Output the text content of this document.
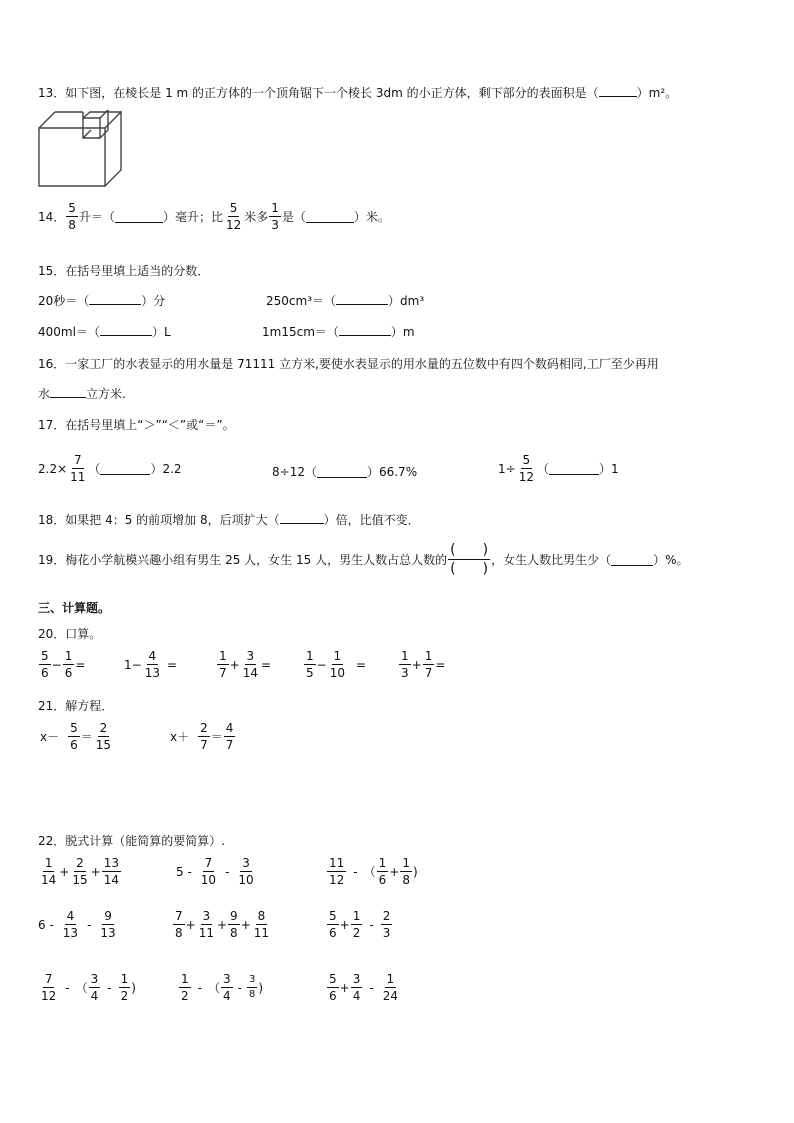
13．如下图，在棱长是 1 m 的正方体的一个顶角锯下一个棱长 3dm 的小正方体，剩下部分的表面积是（	）m²。
14． $\frac{5}{8}$ 升＝（	）毫升；比 $\frac{5}{12}$ 米多 $\frac{1}{3}$ 是（	）米。
15．在括号里填上适当的分数．
20秒＝（	）分	250cm³＝（	）dm³
400ml＝（	）L	1m15cm＝（	）m
16．一家工厂的水表显示的用水量是 71111 立方米,要使水表显示的用水量的五位数中有四个数码相同,工厂至少再用
水	立方米.
17．在括号里填上“＞”“＜”或“＝”。
$2.2\times \frac{7}{11}$ （	）2.2	8÷12（	）66.7%	$1\div \frac{5}{12}$ （	）1
18．如果把 4：5 的前项增加 8，后项扩大（	）倍，比值不变．
19．梅花小学航模兴趣小组有男生 25 人，女生 15 人，男生人数占总人数的 $\frac{( )}{( )}$ ，女生人数比男生少（	）%。
三、计算题。
20．口算。
$\frac{5}{6} - \frac{1}{6}$ =	$1- \frac{4}{13}$ =	$\frac{1}{7} + \frac{3}{14}$ =	$\frac{1}{5} - \frac{1}{10}$ =	$\frac{1}{3} + \frac{1}{7}$ =
21．解方程．
$x- \frac{5}{6} = \frac{2}{15}$	$x+ \frac{2}{7} = \frac{4}{7}$
22．脱式计算（能简算的要简算）.
$\frac{1}{14} + \frac{2}{15} + \frac{13}{14}$	$5 - \frac{7}{10} - \frac{3}{10}$	$\frac{11}{12}$ - （ $\frac{1}{6} + \frac{1}{8}$ )
$6 - \frac{4}{13} - \frac{9}{13}$	$\frac{7}{8} + \frac{3}{11} + \frac{9}{8} + \frac{8}{11}$	$\frac{5}{6} + \frac{1}{2} - \frac{2}{3}$
$\frac{7}{12}$ - （ $\frac{3}{4} - \frac{1}{2}$ )	$\frac{1}{2}$ - （ $\frac{3}{4} - \frac{3}{8}$ )	$\frac{5}{6} + \frac{3}{4} - \frac{1}{24}$
